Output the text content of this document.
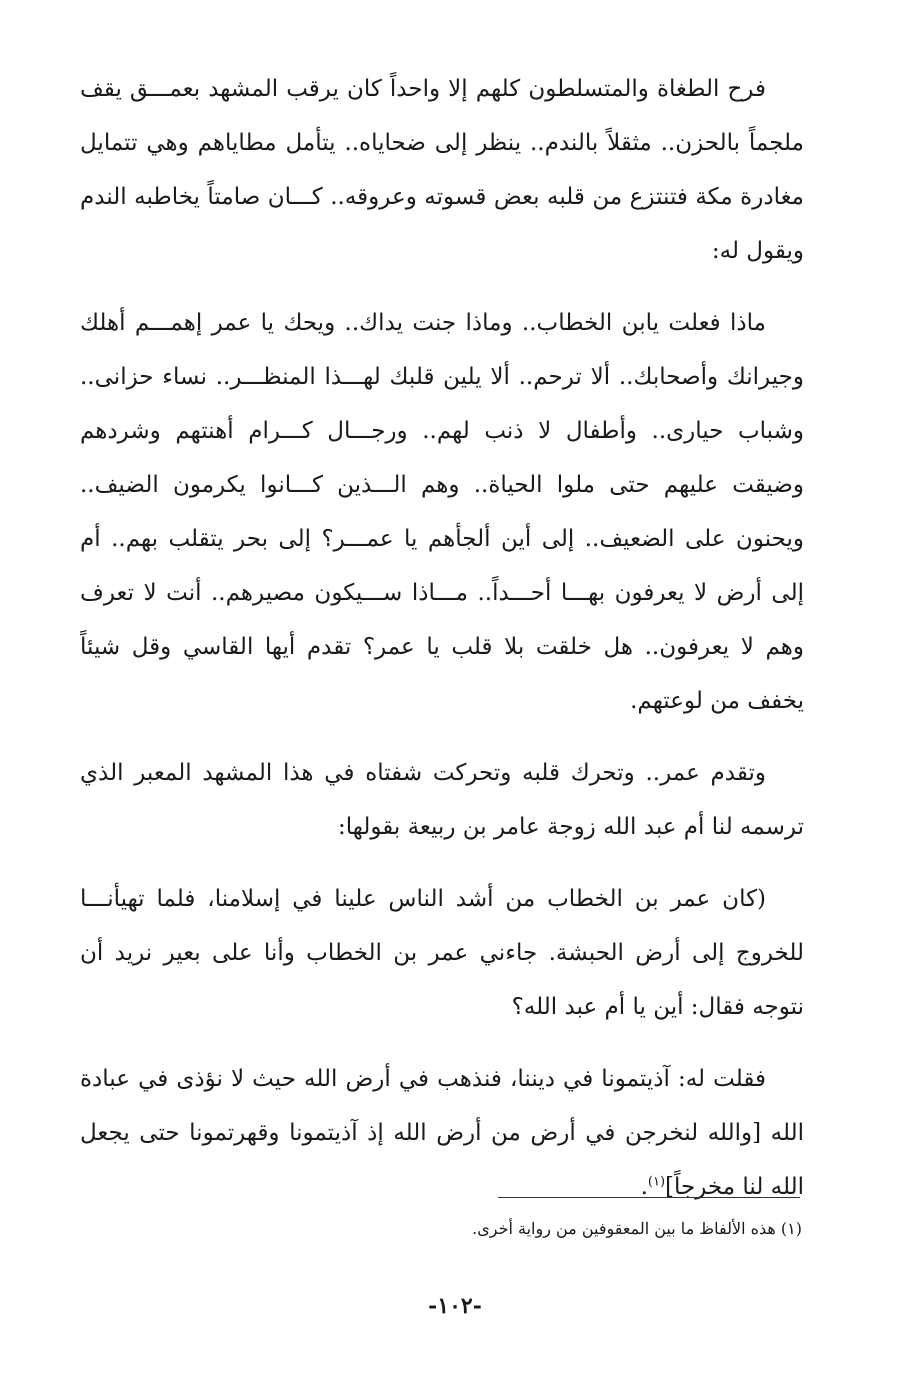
فرح الطغاة والمتسلطون كلهم إلا واحداً كان يرقب المشهد بعمـــق يقف ملجماً بالحزن.. مثقلاً بالندم.. ينظر إلى ضحاياه.. يتأمل مطاياهم وهي تتمايل مغادرة مكة فتنتزع من قلبه بعض قسوته وعروقه.. كـــان صامتاً يخاطبه الندم ويقول له:

ماذا فعلت يابن الخطاب.. وماذا جنت يداك.. ويحك يا عمر إهمـــم أهلك وجيرانك وأصحابك.. ألا ترحم.. ألا يلين قلبك لهـــذا المنظـــر.. نساء حزانى.. وشباب حيارى.. وأطفال لا ذنب لهم.. ورجـــال كـــرام أهنتهم وشردهم وضيقت عليهم حتى ملوا الحياة.. وهم الـــذين كـــانوا يكرمون الضيف.. ويحنون على الضعيف.. إلى أين ألجأهم يا عمـــر؟ إلى بحر يتقلب بهم.. أم إلى أرض لا يعرفون بهـــا أحـــداً.. مـــاذا ســـيكون مصيرهم.. أنت لا تعرف وهم لا يعرفون.. هل خلقت بلا قلب يا عمر؟ تقدم أيها القاسي وقل شيئاً يخفف من لوعتهم.

وتقدم عمر.. وتحرك قلبه وتحركت شفتاه في هذا المشهد المعبر الذي ترسمه لنا أم عبد الله زوجة عامر بن ربيعة بقولها:

(كان عمر بن الخطاب من أشد الناس علينا في إسلامنا، فلما تهيأنـــا للخروج إلى أرض الحبشة. جاءني عمر بن الخطاب وأنا على بعير نريد أن نتوجه فقال: أين يا أم عبد الله؟

فقلت له: آذيتمونا في ديننا، فنذهب في أرض الله حيث لا نؤذى في عبادة الله [والله لنخرجن في أرض من أرض الله إذ آذيتمونا وقهرتمونا حتى يجعل الله لنا مخرجاً]$^{(١)}$.

(١) هذه الألفاظ ما بين المعقوفين من رواية أخرى.
-١٠٢-
